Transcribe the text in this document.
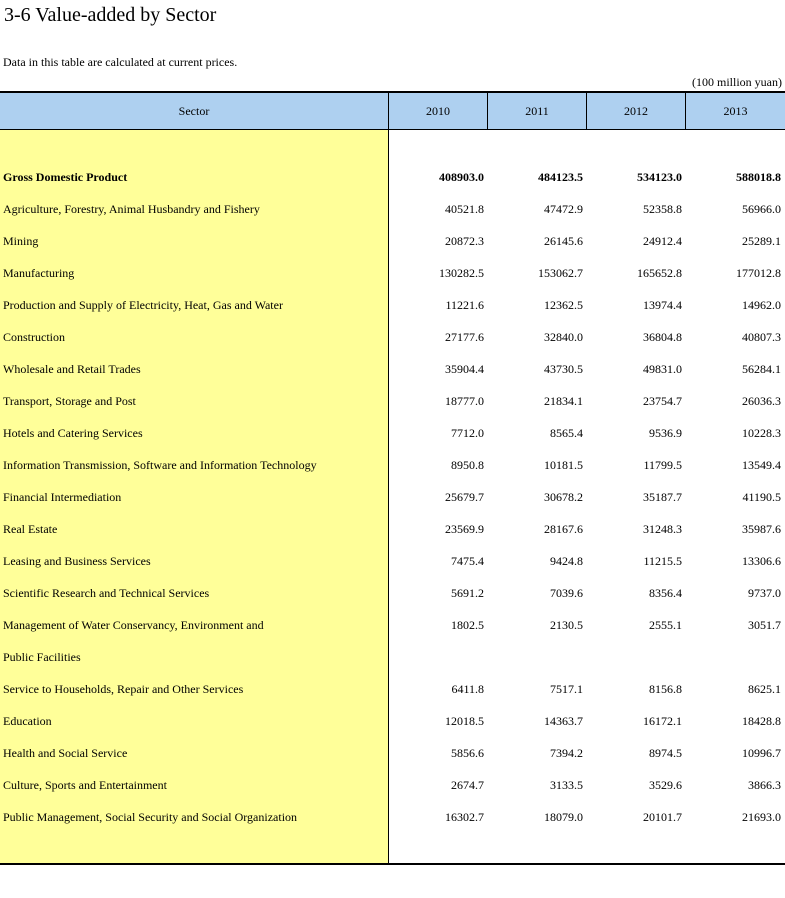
3-6 Value-added by Sector
Data in this table are calculated at current prices.
(100 million yuan)
Sector	2010	2011	2012	2013
Gross Domestic Product	408903.0	484123.5	534123.0	588018.8
Agriculture, Forestry, Animal Husbandry and Fishery	40521.8	47472.9	52358.8	56966.0
Mining	20872.3	26145.6	24912.4	25289.1
Manufacturing	130282.5	153062.7	165652.8	177012.8
Production and Supply of Electricity, Heat, Gas and Water	11221.6	12362.5	13974.4	14962.0
Construction	27177.6	32840.0	36804.8	40807.3
Wholesale and Retail Trades	35904.4	43730.5	49831.0	56284.1
Transport, Storage and Post	18777.0	21834.1	23754.7	26036.3
Hotels and Catering Services	7712.0	8565.4	9536.9	10228.3
Information Transmission, Software and Information Technology	8950.8	10181.5	11799.5	13549.4
Financial Intermediation	25679.7	30678.2	35187.7	41190.5
Real Estate	23569.9	28167.6	31248.3	35987.6
Leasing and Business Services	7475.4	9424.8	11215.5	13306.6
Scientific Research and Technical Services	5691.2	7039.6	8356.4	9737.0
Management of Water Conservancy, Environment and	1802.5	2130.5	2555.1	3051.7
Public Facilities
Service to Households, Repair and Other Services	6411.8	7517.1	8156.8	8625.1
Education	12018.5	14363.7	16172.1	18428.8
Health and Social Service	5856.6	7394.2	8974.5	10996.7
Culture, Sports and Entertainment	2674.7	3133.5	3529.6	3866.3
Public Management, Social Security and Social Organization	16302.7	18079.0	20101.7	21693.0
